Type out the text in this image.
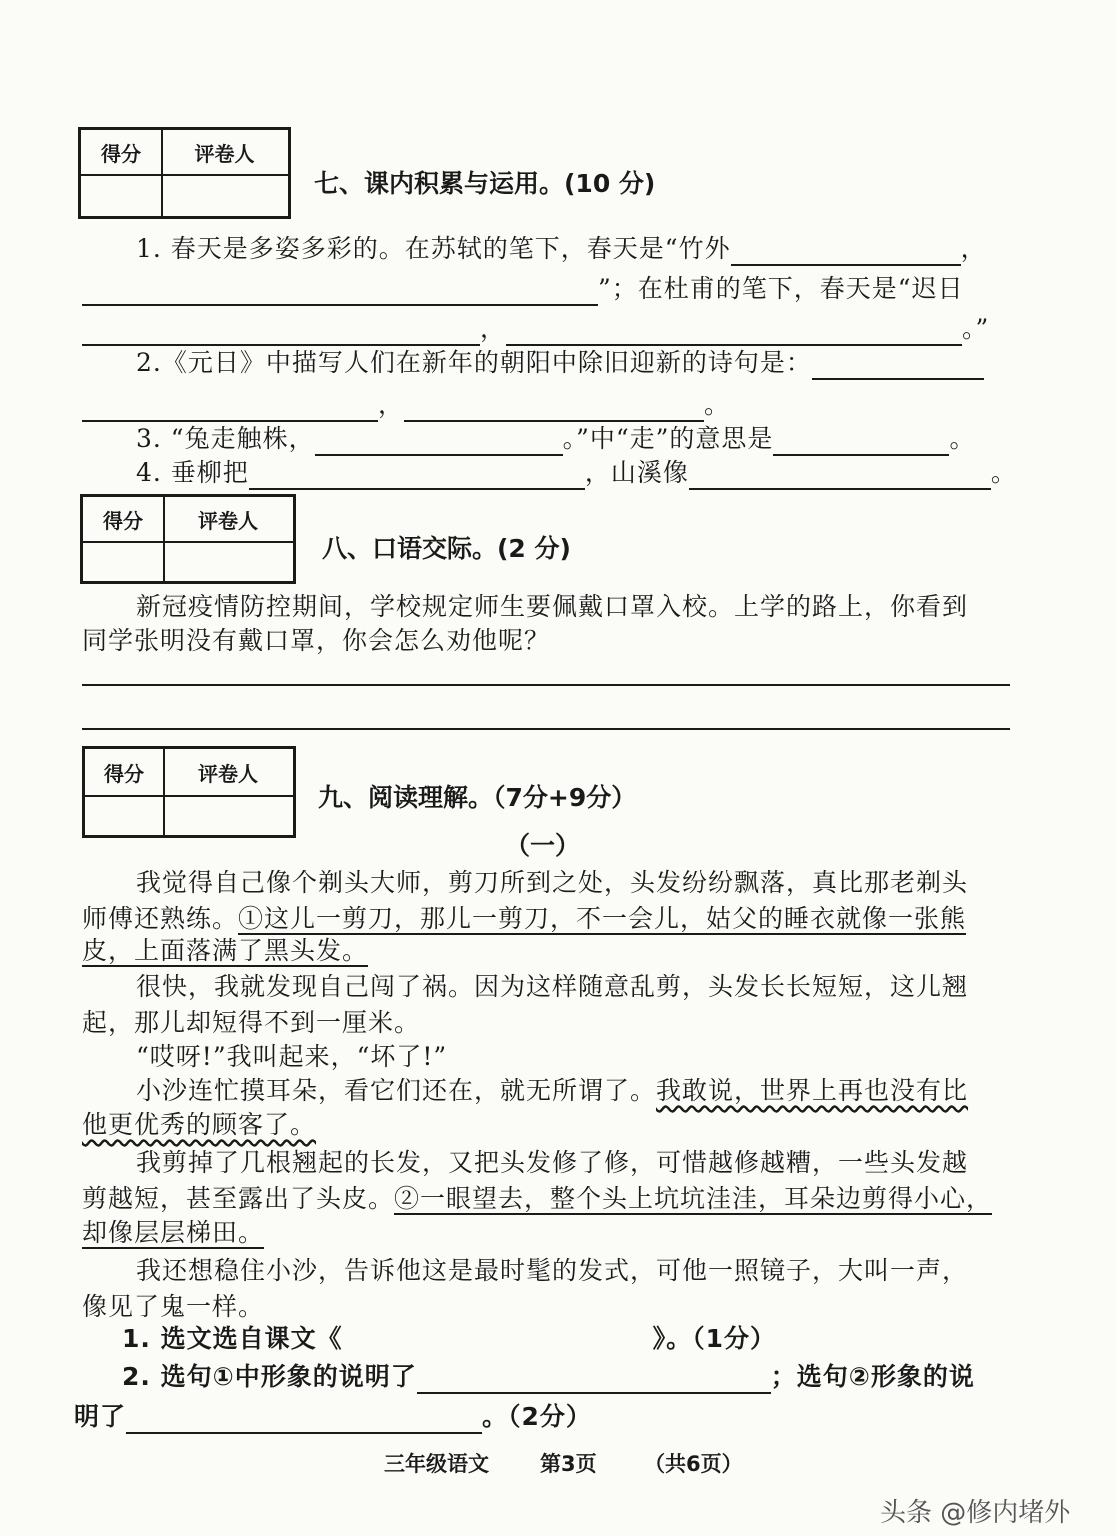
得分	评卷人
七、课内积累与运用。(10 分)
1. 春天是多姿多彩的。在苏轼的笔下，春天是“竹外	，
”；在杜甫的笔下，春天是“迟日
，	。”
2.《元日》中描写人们在新年的朝阳中除旧迎新的诗句是：
，	。
3. “兔走触株，	。”中“走”的意思是	。
4. 垂柳把	，山溪像	。
得分	评卷人
八、口语交际。(2 分)
新冠疫情防控期间，学校规定师生要佩戴口罩入校。上学的路上，你看到
同学张明没有戴口罩，你会怎么劝他呢？
得分	评卷人
九、阅读理解。（7分+9分）
（一）
我觉得自己像个剃头大师，剪刀所到之处，头发纷纷飘落，真比那老剃头
师傅还熟练。①这儿一剪刀，那儿一剪刀，不一会儿，姑父的睡衣就像一张熊
皮，上面落满了黑头发。
很快，我就发现自己闯了祸。因为这样随意乱剪，头发长长短短，这儿翘
起，那儿却短得不到一厘米。
“哎呀!”我叫起来，“坏了!”
小沙连忙摸耳朵，看它们还在，就无所谓了。我敢说，世界上再也没有比
他更优秀的顾客了。
我剪掉了几根翘起的长发，又把头发修了修，可惜越修越糟，一些头发越
剪越短，甚至露出了头皮。②一眼望去，整个头上坑坑洼洼，耳朵边剪得小心，
却像层层梯田。
我还想稳住小沙，告诉他这是最时髦的发式，可他一照镜子，大叫一声，
像见了鬼一样。
1. 选文选自课文《	》。（1分）
2. 选句①中形象的说明了	；选句②形象的说
明了	。（2分）
三年级语文 第3页 （共6页）
头条 @修内堵外
